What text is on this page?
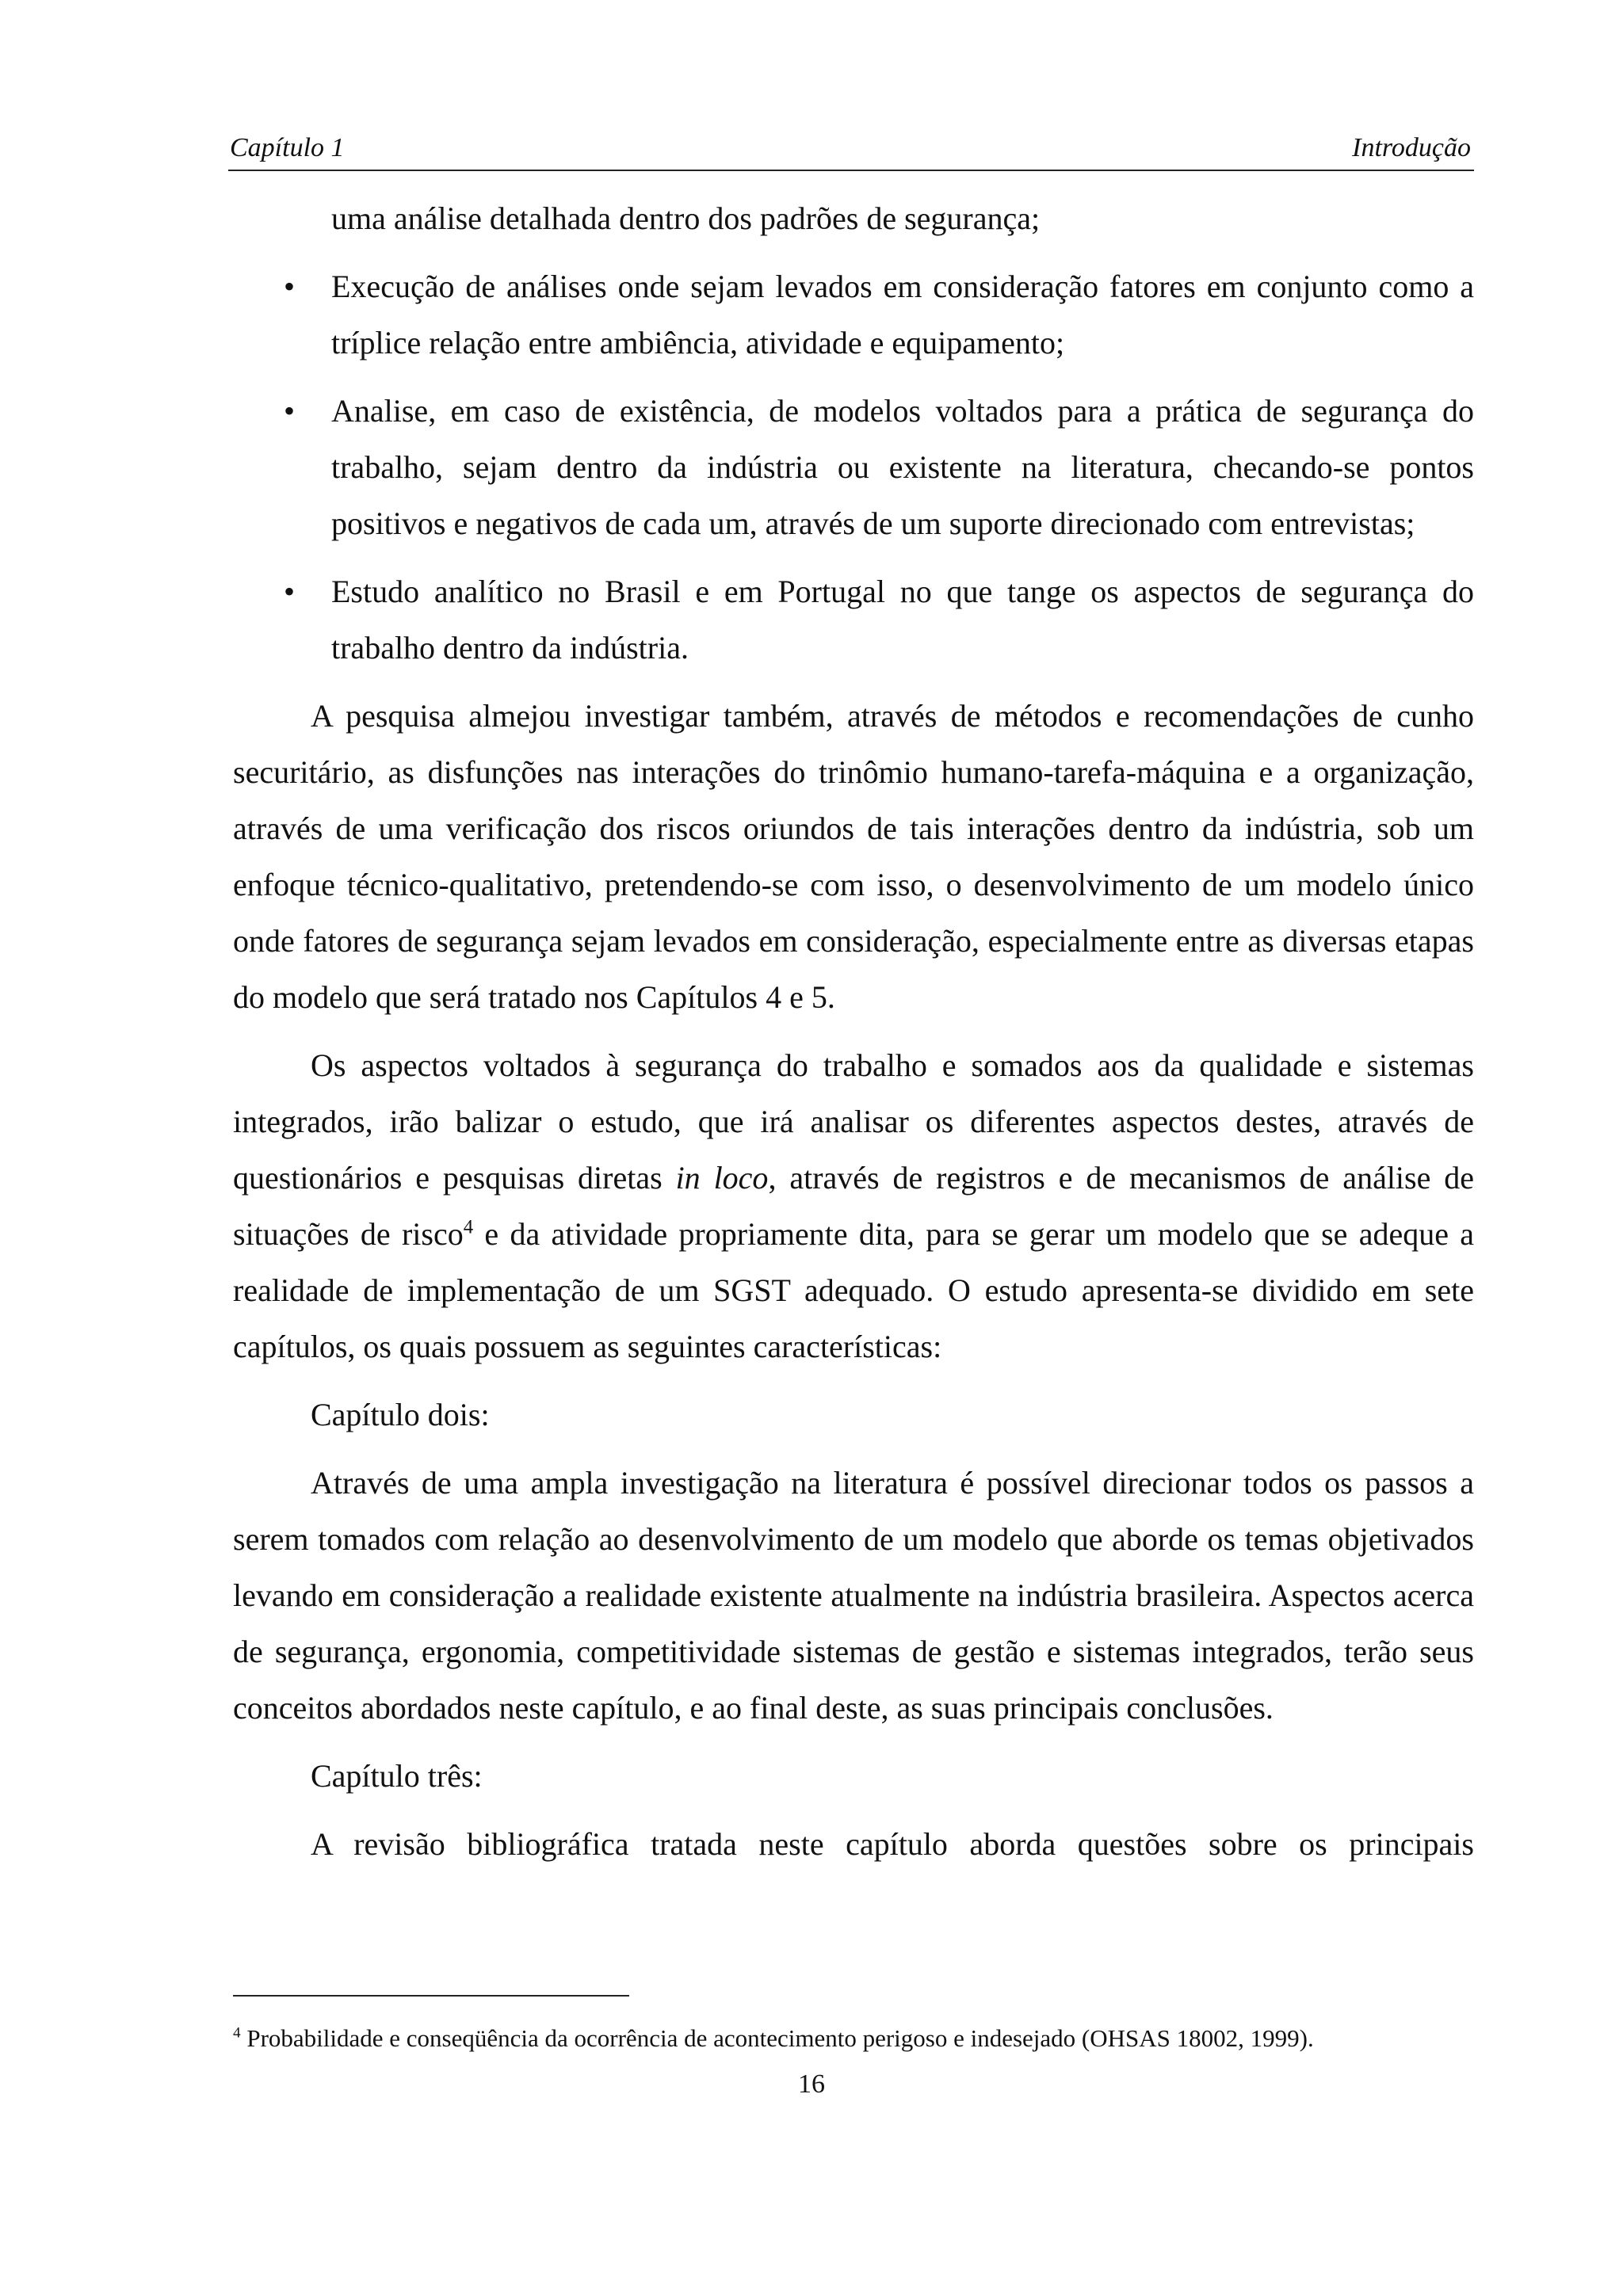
Capítulo 1	Introdução

uma análise detalhada dentro dos padrões de segurança;

• Execução de análises onde sejam levados em consideração fatores em conjunto como a tríplice relação entre ambiência, atividade e equipamento;
• Analise, em caso de existência, de modelos voltados para a prática de segurança do trabalho, sejam dentro da indústria ou existente na literatura, checando-se pontos positivos e negativos de cada um, através de um suporte direcionado com entrevistas;
• Estudo analítico no Brasil e em Portugal no que tange os aspectos de segurança do trabalho dentro da indústria.

A pesquisa almejou investigar também, através de métodos e recomendações de cunho securitário, as disfunções nas interações do trinômio humano-tarefa-máquina e a organização, através de uma verificação dos riscos oriundos de tais interações dentro da indústria, sob um enfoque técnico-qualitativo, pretendendo-se com isso, o desenvolvimento de um modelo único onde fatores de segurança sejam levados em consideração, especialmente entre as diversas etapas do modelo que será tratado nos Capítulos 4 e 5.

Os aspectos voltados à segurança do trabalho e somados aos da qualidade e sistemas integrados, irão balizar o estudo, que irá analisar os diferentes aspectos destes, através de questionários e pesquisas diretas in loco, através de registros e de mecanismos de análise de situações de risco$^4$ e da atividade propriamente dita, para se gerar um modelo que se adeque a realidade de implementação de um SGST adequado. O estudo apresenta-se dividido em sete capítulos, os quais possuem as seguintes características:

Capítulo dois:

Através de uma ampla investigação na literatura é possível direcionar todos os passos a serem tomados com relação ao desenvolvimento de um modelo que aborde os temas objetivados levando em consideração a realidade existente atualmente na indústria brasileira. Aspectos acerca de segurança, ergonomia, competitividade sistemas de gestão e sistemas integrados, terão seus conceitos abordados neste capítulo, e ao final deste, as suas principais conclusões.

Capítulo três:

A revisão bibliográfica tratada neste capítulo aborda questões sobre os principais

$^4$ Probabilidade e conseqüência da ocorrência de acontecimento perigoso e indesejado (OHSAS 18002, 1999).
16
